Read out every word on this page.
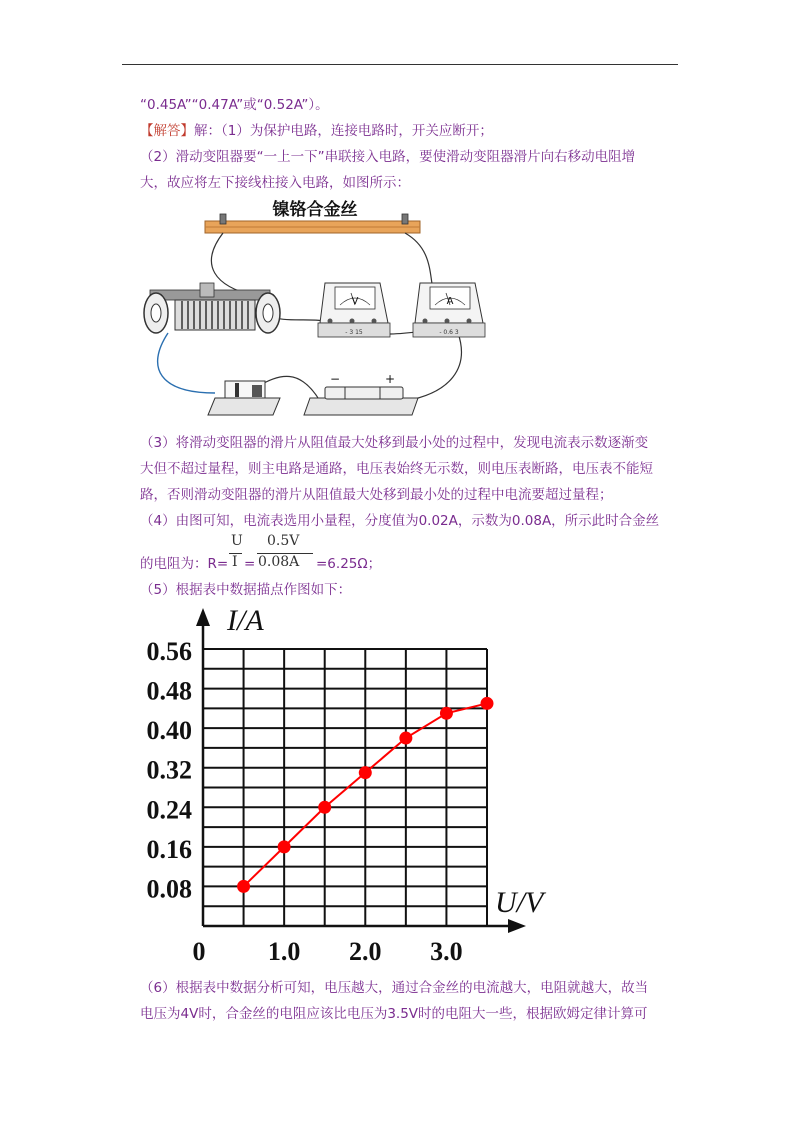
“0.45A”“0.47A”或“0.52A”）。
【解答】解：（1）为保护电路，连接电路时，开关应断开；
（2）滑动变阻器要“一上一下”串联接入电路，要使滑动变阻器滑片向右移动电阻增
大，故应将左下接线柱接入电路，如图所示：
镍铬合金丝
V
- 3 15
A
- 0.6 3
−	+
（3）将滑动变阻器的滑片从阻值最大处移到最小处的过程中，发现电流表示数逐渐变
大但不超过量程，则主电路是通路，电压表始终无示数，则电压表断路，电压表不能短
路，否则滑动变阻器的滑片从阻值最大处移到最小处的过程中电流要超过量程；
（4）由图可知，电流表选用小量程，分度值为0.02A，示数为0.08A，所示此时合金丝
的电阻为：R=
U
I =
0.5V
0.08A =6.25Ω；
（5）根据表中数据描点作图如下：
0.08
0.16
0.24
0.32
0.40
0.48
0.56
0 1.0 2.0 3.0
I/A
U/V
（6）根据表中数据分析可知，电压越大，通过合金丝的电流越大，电阻就越大，故当
电压为4V时，合金丝的电阻应该比电压为3.5V时的电阻大一些，根据欧姆定律计算可
